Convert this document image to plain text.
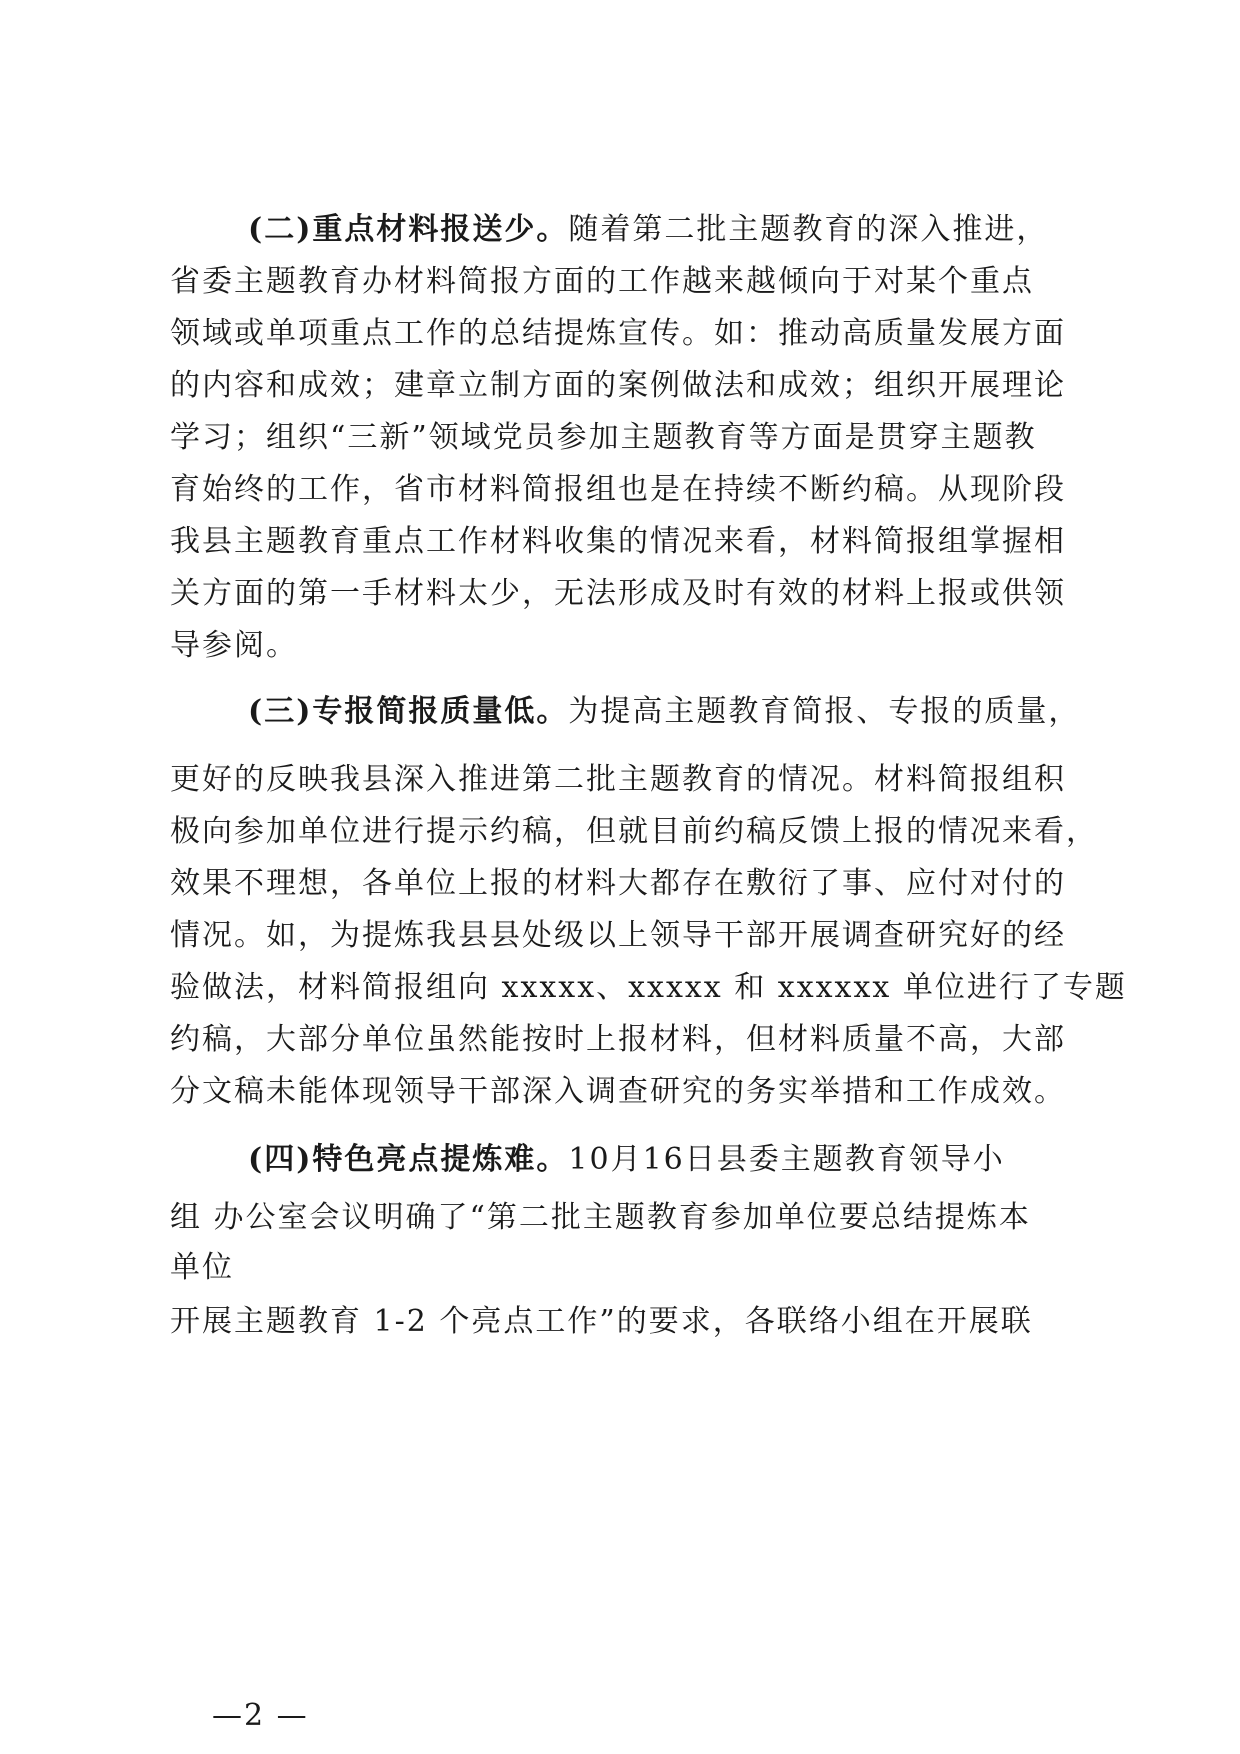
(二)重点材料报送少。随着第二批主题教育的深入推进，
省委主题教育办材料简报方面的工作越来越倾向于对某个重点
领域或单项重点工作的总结提炼宣传。如：推动高质量发展方面
的内容和成效；建章立制方面的案例做法和成效；组织开展理论
学习；组织“三新”领域党员参加主题教育等方面是贯穿主题教
育始终的工作，省市材料简报组也是在持续不断约稿。从现阶段
我县主题教育重点工作材料收集的情况来看，材料简报组掌握相
关方面的第一手材料太少，无法形成及时有效的材料上报或供领
导参阅。
(三)专报简报质量低。为提高主题教育简报、专报的质量，
更好的反映我县深入推进第二批主题教育的情况。材料简报组积
极向参加单位进行提示约稿，但就目前约稿反馈上报的情况来看，
效果不理想，各单位上报的材料大都存在敷衍了事、应付对付的
情况。如，为提炼我县县处级以上领导干部开展调查研究好的经
验做法，材料简报组向 xxxxx、xxxxx 和 xxxxxx 单位进行了专题
约稿，大部分单位虽然能按时上报材料，但材料质量不高，大部
分文稿未能体现领导干部深入调查研究的务实举措和工作成效。
(四)特色亮点提炼难。10月16日县委主题教育领导小
组 办公室会议明确了“第二批主题教育参加单位要总结提炼本
单位
开展主题教育 1-2 个亮点工作”的要求，各联络小组在开展联
—2 —
